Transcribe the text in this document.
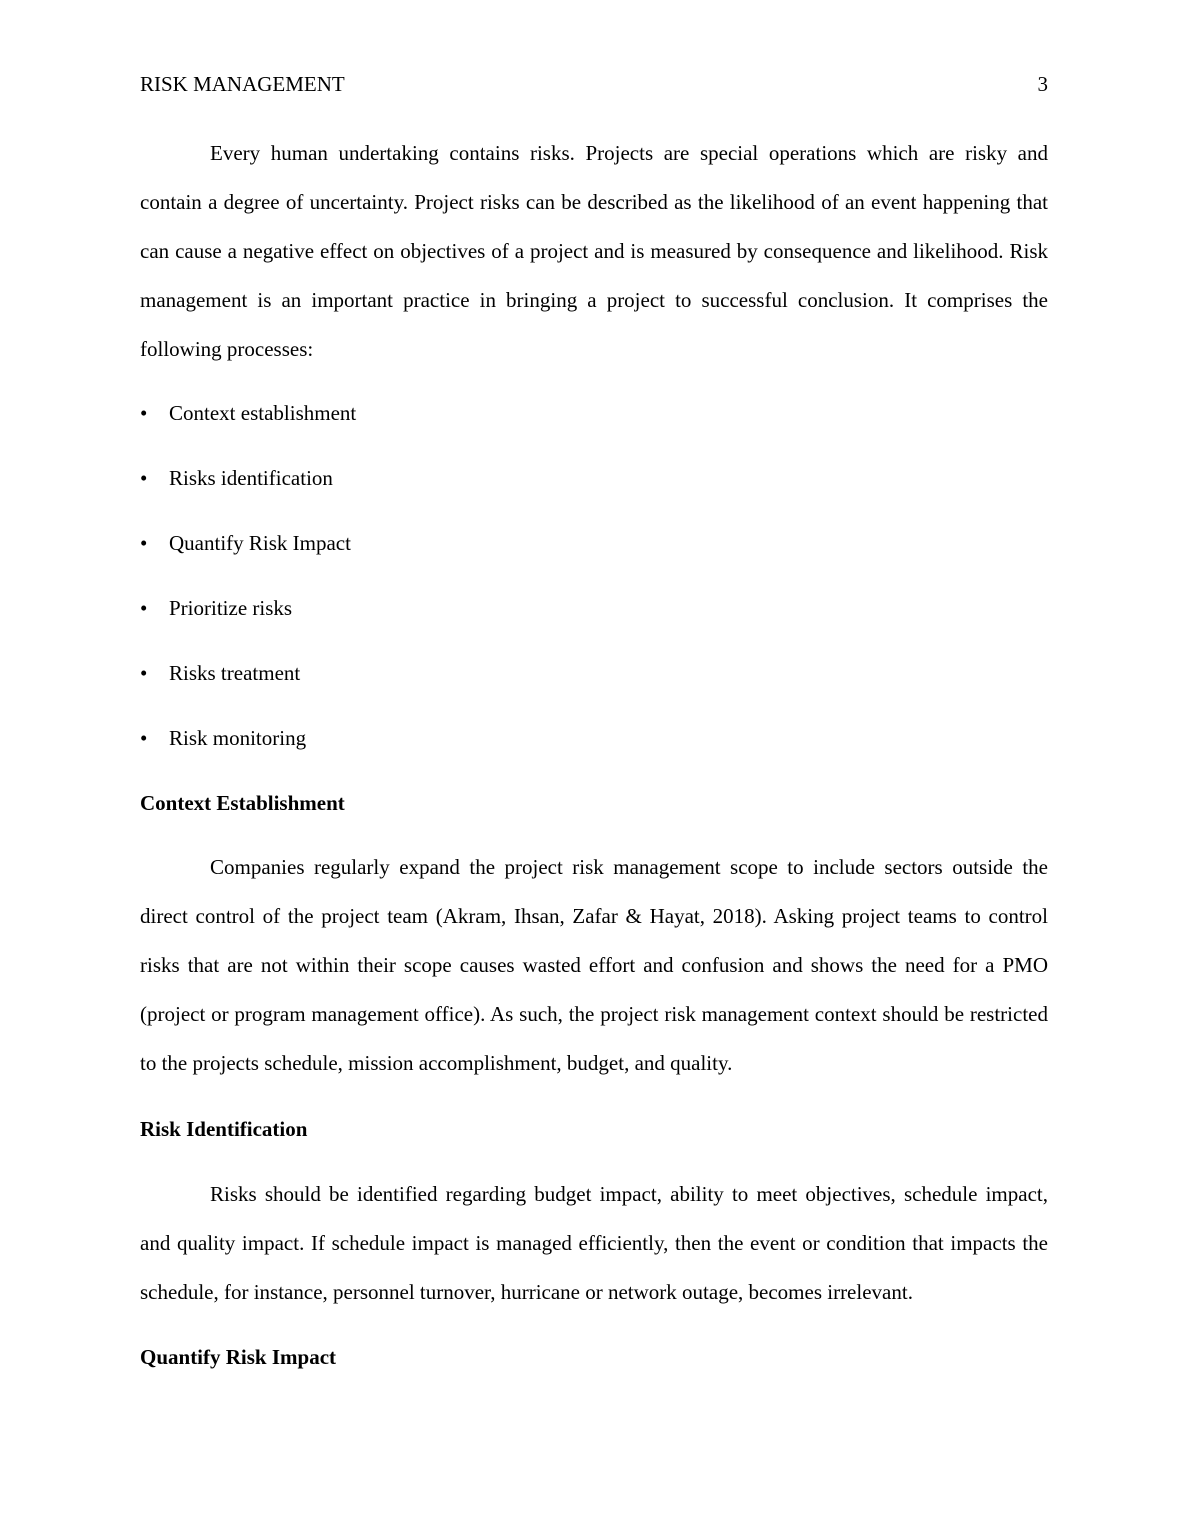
RISK MANAGEMENT	3

Every human undertaking contains risks. Projects are special operations which are risky and contain a degree of uncertainty. Project risks can be described as the likelihood of an event happening that can cause a negative effect on objectives of a project and is measured by consequence and likelihood. Risk management is an important practice in bringing a project to successful conclusion. It comprises the following processes:

• Context establishment
• Risks identification
• Quantify Risk Impact
• Prioritize risks
• Risks treatment
• Risk monitoring
Context Establishment

Companies regularly expand the project risk management scope to include sectors outside the direct control of the project team (Akram, Ihsan, Zafar & Hayat, 2018). Asking project teams to control risks that are not within their scope causes wasted effort and confusion and shows the need for a PMO (project or program management office). As such, the project risk management context should be restricted to the projects schedule, mission accomplishment, budget, and quality.

Risk Identification

Risks should be identified regarding budget impact, ability to meet objectives, schedule impact, and quality impact. If schedule impact is managed efficiently, then the event or condition that impacts the schedule, for instance, personnel turnover, hurricane or network outage, becomes irrelevant.

Quantify Risk Impact
